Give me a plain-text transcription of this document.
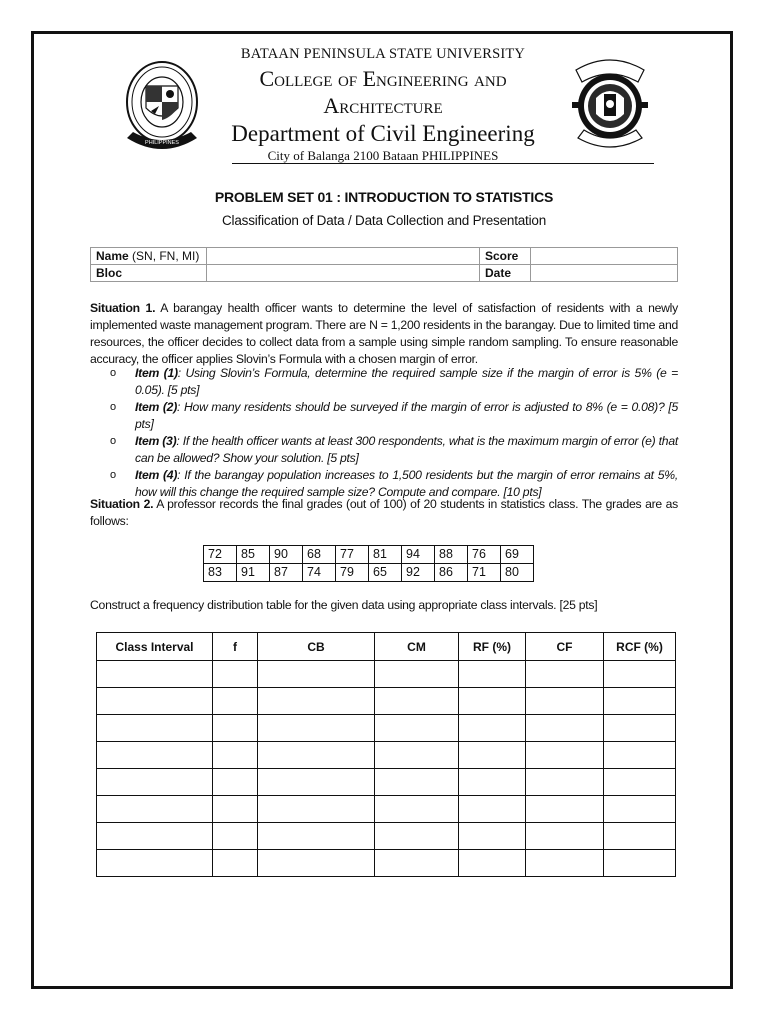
PHILIPPINES
BATAAN PENINSULA STATE UNIVERSITY
College of Engineering and
Architecture
Department of Civil Engineering
City of Balanga 2100 Bataan PHILIPPINES
PROBLEM SET 01 : INTRODUCTION TO STATISTICS
Classification of Data / Data Collection and Presentation
Name (SN, FN, MI)		Score	
Bloc		Date	
Situation 1. A barangay health officer wants to determine the level of satisfaction of residents with a newly implemented waste management program. There are N = 1,200 residents in the barangay. Due to limited time and resources, the officer decides to collect data from a sample using simple random sampling. To ensure reasonable accuracy, the officer applies Slovin’s Formula with a chosen margin of error.
o Item (1): Using Slovin’s Formula, determine the required sample size if the margin of error is 5% (e = 0.05). [5 pts]
o Item (2): How many residents should be surveyed if the margin of error is adjusted to 8% (e = 0.08)? [5 pts]
o Item (3): If the health officer wants at least 300 respondents, what is the maximum margin of error (e) that can be allowed? Show your solution. [5 pts]
o Item (4): If the barangay population increases to 1,500 residents but the margin of error remains at 5%, how will this change the required sample size? Compute and compare. [10 pts]
Situation 2. A professor records the final grades (out of 100) of 20 students in statistics class. The grades are as follows:
72	85	90	68	77	81	94	88	76	69
83	91	87	74	79	65	92	86	71	80
Construct a frequency distribution table for the given data using appropriate class intervals. [25 pts]
Class Interval	f	CB	CM	RF (%)	CF	RCF (%)
